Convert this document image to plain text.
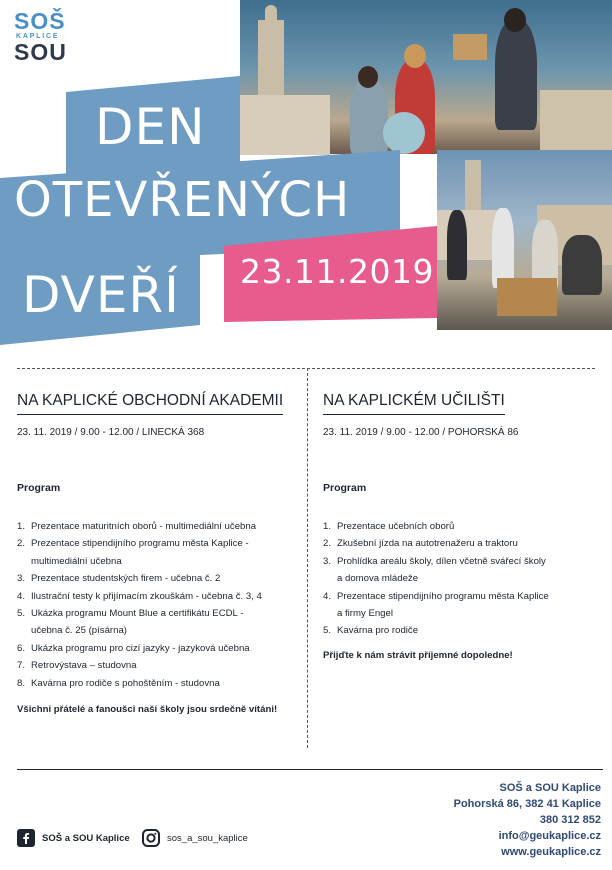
SOŠ
KAPLICE
SOU
DEN
OTEVŘENÝCH
DVEŘÍ 23.11.2019
NA KAPLICKÉ OBCHODNÍ AKADEMII
23. 11. 2019 / 9.00 - 12.00 / LINECKÁ 368
Program
1. Prezentace maturitních oborů - multimediální učebna
2. Prezentace stipendijního programu města Kaplice -
multimediální učebna
3. Prezentace studentských firem - učebna č. 2
4. Ilustrační testy k přijímacím zkouškám - učebna č. 3, 4
5. Ukázka programu Mount Blue a certifikátu ECDL -
učebna č. 25 (písárna)
6. Ukázka programu pro cizí jazyky - jazyková učebna
7. Retrovýstava – studovna
8. Kavárna pro rodiče s pohoštěním - studovna
Všichni přátelé a fanoušci naší školy jsou srdečně vítáni!
NA KAPLICKÉM UČILIŠTI
23. 11. 2019 / 9.00 - 12.00 / POHORSKÁ 86
Program
1. Prezentace učebních oborů
2. Zkušební jízda na autotrenažeru a traktoru
3. Prohlídka areálu školy, dílen včetně svářecí školy
a domova mládeže
4. Prezentace stipendijního programu města Kaplice
a firmy Engel
5. Kavárna pro rodiče
Přijďte k nám strávit příjemné dopoledne!
SOŠ a SOU Kaplice	sos_a_sou_kaplice
SOŠ a SOU Kaplice
Pohorská 86, 382 41 Kaplice
380 312 852
info@geukaplice.cz
www.geukaplice.cz
